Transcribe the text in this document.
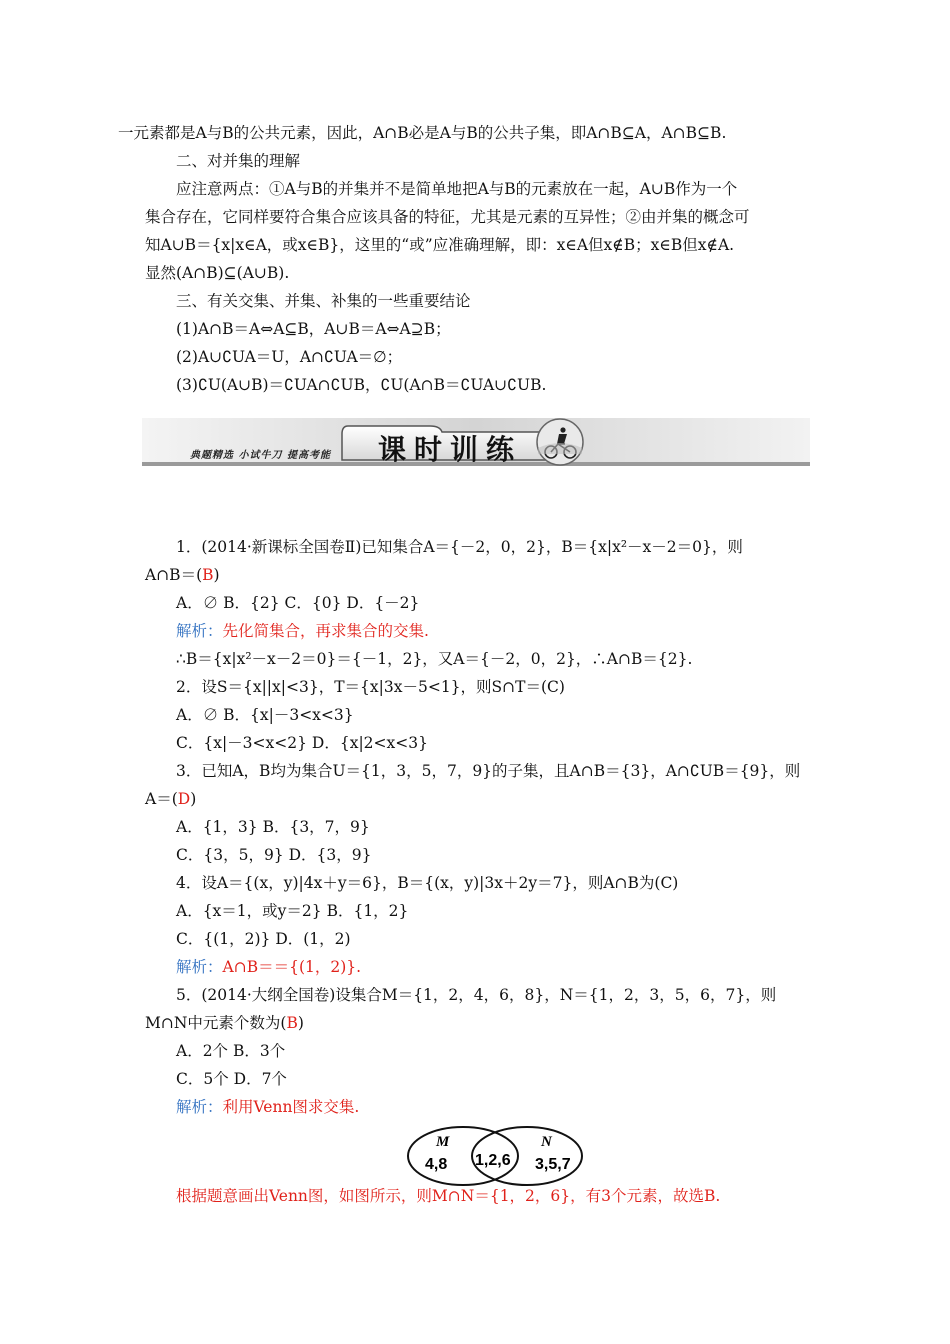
一元素都是A与B的公共元素，因此，A∩B必是A与B的公共子集，即A∩B⊆A，A∩B⊆B.
二、对并集的理解
应注意两点：①A与B的并集并不是简单地把A与B的元素放在一起，A∪B作为一个
集合存在，它同样要符合集合应该具备的特征，尤其是元素的互异性；②由并集的概念可
知A∪B＝{x|x∈A，或x∈B}，这里的“或”应准确理解，即：x∈A但x∉B；x∈B但x∉A.
显然(A∩B)⊆(A∪B).
三、有关交集、并集、补集的一些重要结论
(1)A∩B＝A⇔A⊆B，A∪B＝A⇔A⊇B；
(2)A∪∁UA＝U，A∩∁UA＝∅；
(3)∁U(A∪B)＝∁UA∩∁UB，∁U(A∩B＝∁UA∪∁UB.
典题精选 小试牛刀 提高考能 课时训练
1．(2014·新课标全国卷Ⅱ)已知集合A＝{－2，0，2}，B＝{x|x²－x－2＝0}，则
A∩B＝(B)
A．∅ B．{2} C．{0} D．{－2}
解析：先化简集合，再求集合的交集.
∴B＝{x|x²－x－2＝0}＝{－1，2}，又A＝{－2，0，2}，∴A∩B＝{2}.
2．设S＝{x||x|<3}，T＝{x|3x－5<1}，则S∩T＝(C)
A．∅ B．{x|－3<x<3}
C．{x|－3<x<2} D．{x|2<x<3}
3．已知A，B均为集合U＝{1，3，5，7，9}的子集，且A∩B＝{3}，A∩∁UB＝{9}，则
A＝(D)
A．{1，3} B．{3，7，9}
C．{3，5，9} D．{3，9}
4．设A＝{(x，y)|4x＋y＝6}，B＝{(x，y)|3x＋2y＝7}，则A∩B为(C)
A．{x＝1，或y＝2} B．{1，2}
C．{(1，2)} D．(1，2)
解析：A∩B＝＝{(1，2)}.
5．(2014·大纲全国卷)设集合M＝{1，2，4，6，8}，N＝{1，2，3，5，6，7}，则
M∩N中元素个数为(B)
A．2个 B．3个
C．5个 D．7个
解析：利用Venn图求交集.
M	N
4,8 1,2,6 3,5,7
根据题意画出Venn图，如图所示，则M∩N＝{1，2，6}，有3个元素，故选B.
